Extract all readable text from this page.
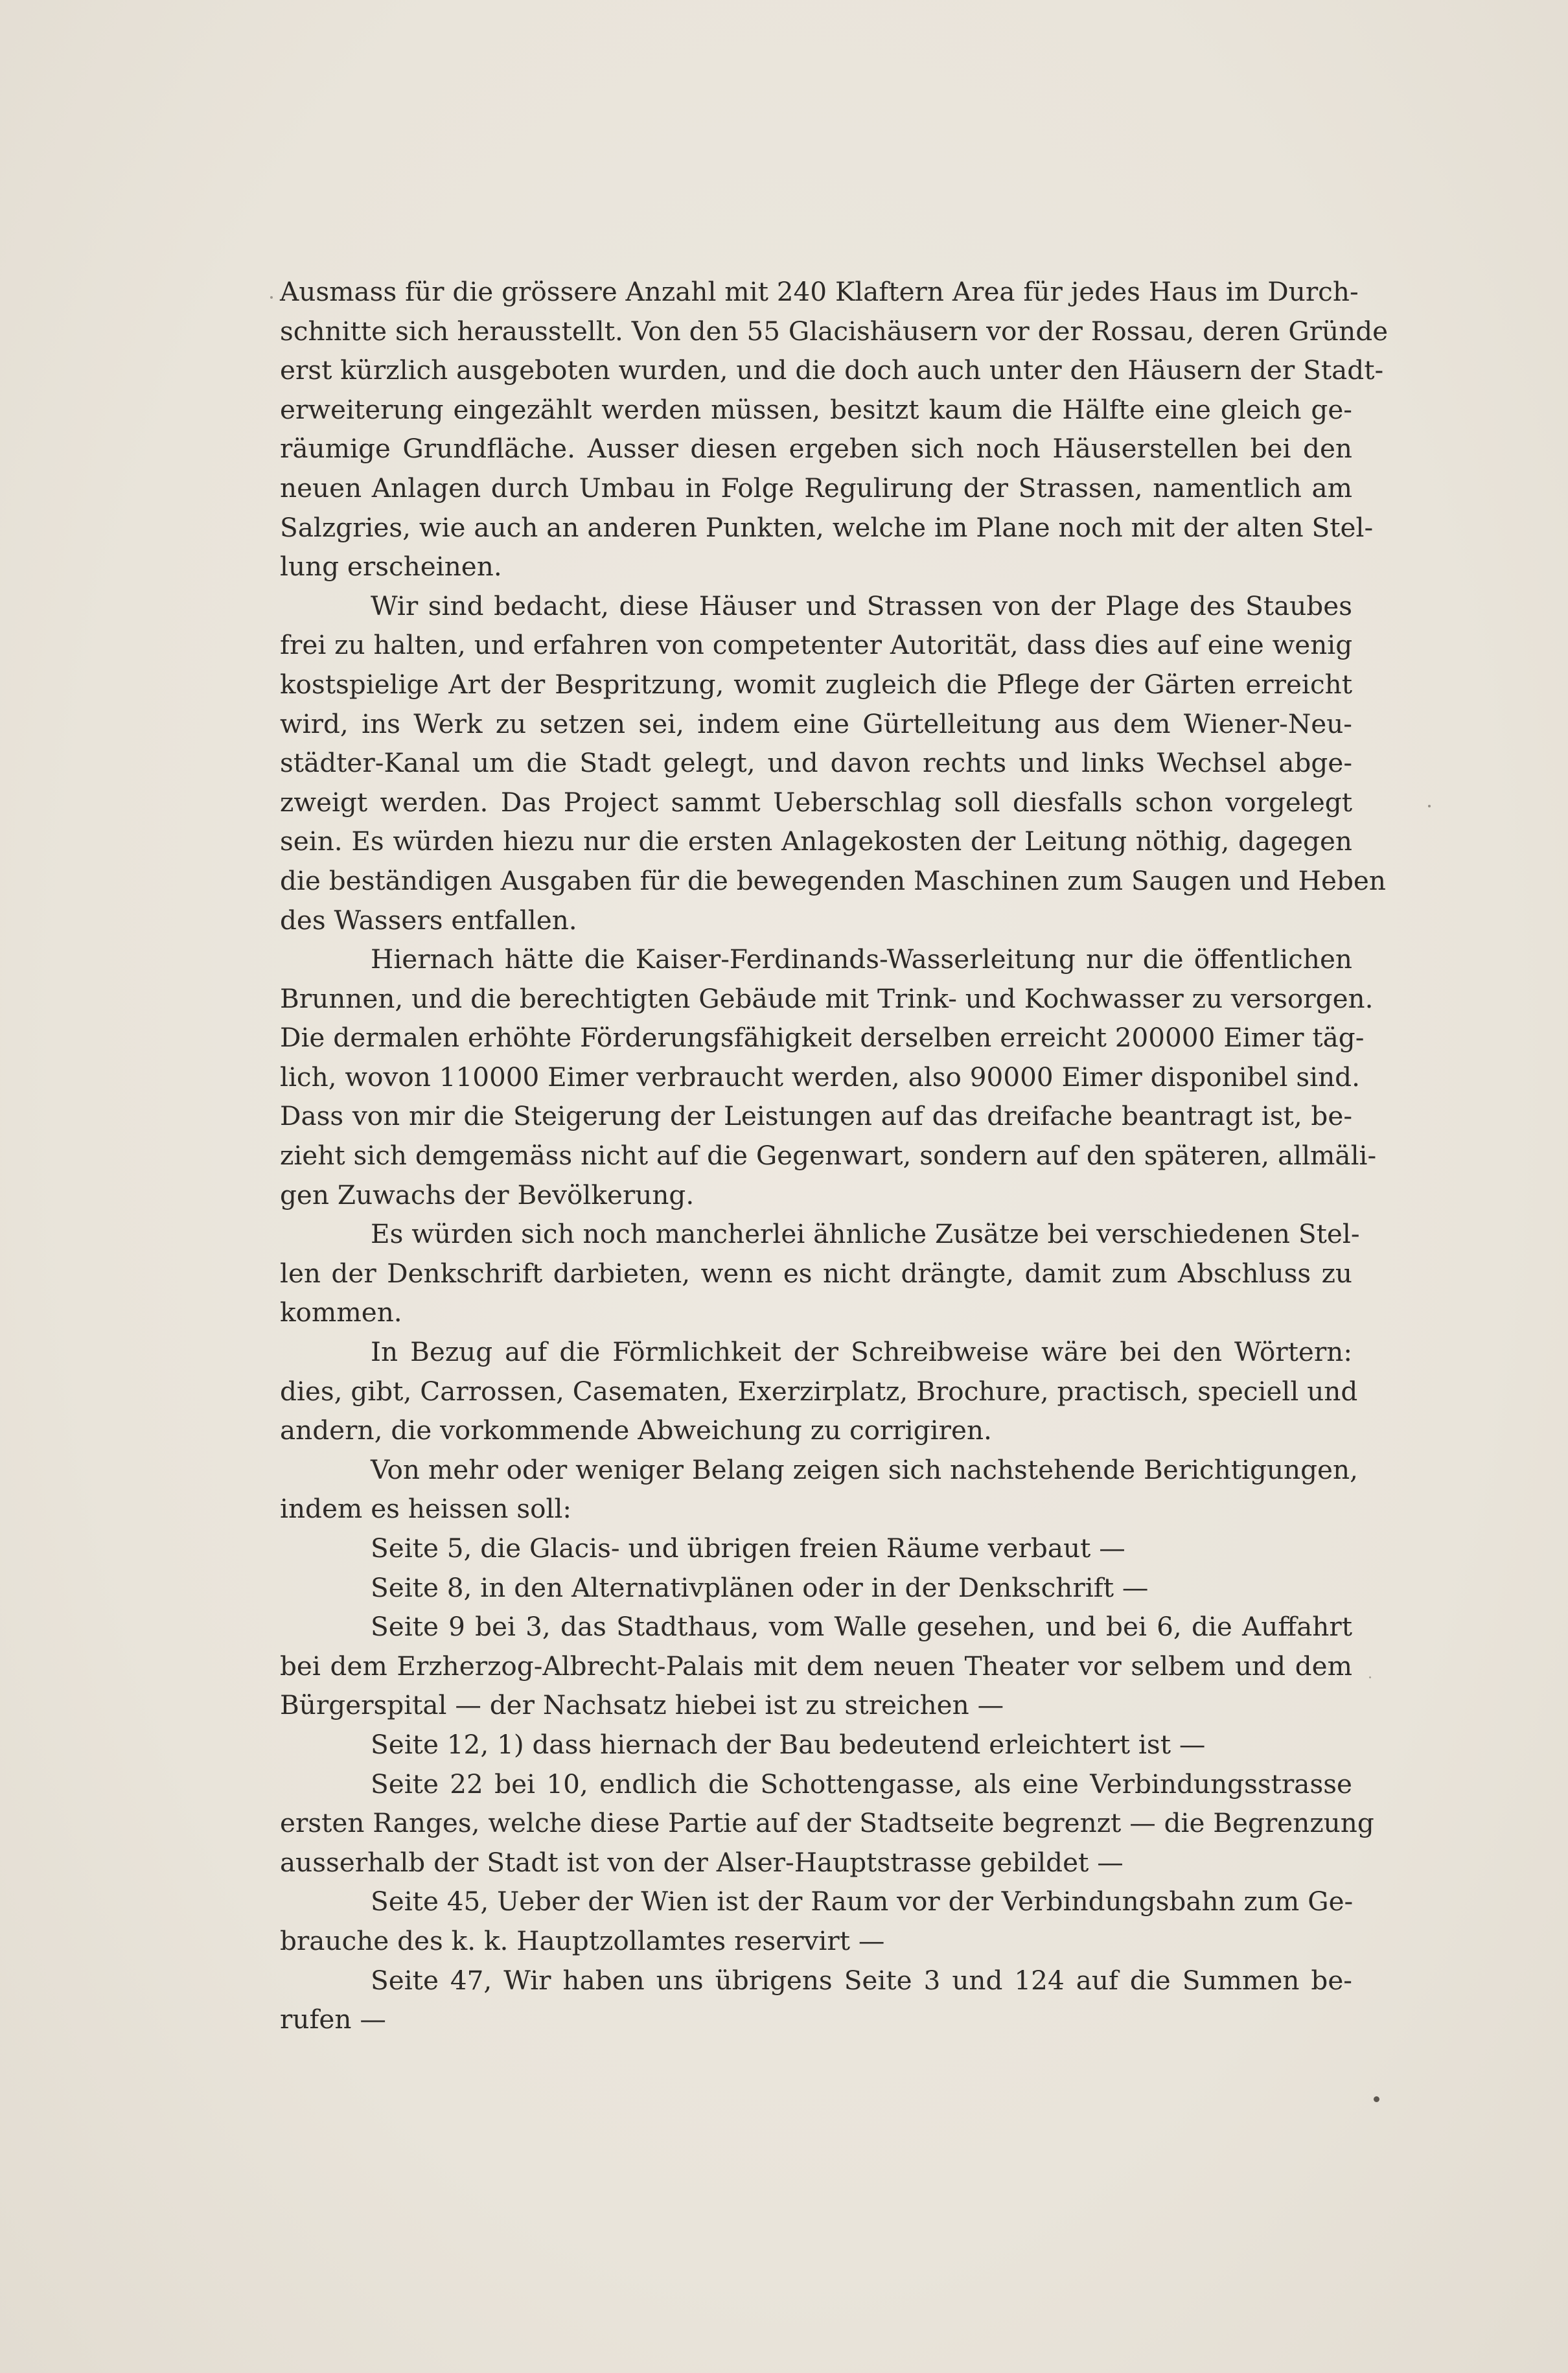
Ausmass für die grössere Anzahl mit 240 Klaftern Area für jedes Haus im Durch-
schnitte sich herausstellt. Von den 55 Glacishäusern vor der Rossau, deren Gründe
erst kürzlich ausgeboten wurden, und die doch auch unter den Häusern der Stadt-
erweiterung eingezählt werden müssen, besitzt kaum die Hälfte eine gleich ge-
räumige Grundfläche. Ausser diesen ergeben sich noch Häuserstellen bei den
neuen Anlagen durch Umbau in Folge Regulirung der Strassen, namentlich am
Salzgries, wie auch an anderen Punkten, welche im Plane noch mit der alten Stel-
lung erscheinen.
Wir sind bedacht, diese Häuser und Strassen von der Plage des Staubes
frei zu halten, und erfahren von competenter Autorität, dass dies auf eine wenig
kostspielige Art der Bespritzung, womit zugleich die Pflege der Gärten erreicht
wird, ins Werk zu setzen sei, indem eine Gürtelleitung aus dem Wiener-Neu-
städter-Kanal um die Stadt gelegt, und davon rechts und links Wechsel abge-
zweigt werden. Das Project sammt Ueberschlag soll diesfalls schon vorgelegt
sein. Es würden hiezu nur die ersten Anlagekosten der Leitung nöthig, dagegen
die beständigen Ausgaben für die bewegenden Maschinen zum Saugen und Heben
des Wassers entfallen.
Hiernach hätte die Kaiser-Ferdinands-Wasserleitung nur die öffentlichen
Brunnen, und die berechtigten Gebäude mit Trink- und Kochwasser zu versorgen.
Die dermalen erhöhte Förderungsfähigkeit derselben erreicht 200000 Eimer täg-
lich, wovon 110000 Eimer verbraucht werden, also 90000 Eimer disponibel sind.
Dass von mir die Steigerung der Leistungen auf das dreifache beantragt ist, be-
zieht sich demgemäss nicht auf die Gegenwart, sondern auf den späteren, allmäli-
gen Zuwachs der Bevölkerung.
Es würden sich noch mancherlei ähnliche Zusätze bei verschiedenen Stel-
len der Denkschrift darbieten, wenn es nicht drängte, damit zum Abschluss zu
kommen.
In Bezug auf die Förmlichkeit der Schreibweise wäre bei den Wörtern:
dies, gibt, Carrossen, Casematen, Exerzirplatz, Brochure, practisch, speciell und
andern, die vorkommende Abweichung zu corrigiren.
Von mehr oder weniger Belang zeigen sich nachstehende Berichtigungen,
indem es heissen soll:
Seite 5, die Glacis- und übrigen freien Räume verbaut —
Seite 8, in den Alternativplänen oder in der Denkschrift —
Seite 9 bei 3, das Stadthaus, vom Walle gesehen, und bei 6, die Auffahrt
bei dem Erzherzog-Albrecht-Palais mit dem neuen Theater vor selbem und dem
Bürgerspital — der Nachsatz hiebei ist zu streichen —
Seite 12, 1) dass hiernach der Bau bedeutend erleichtert ist —
Seite 22 bei 10, endlich die Schottengasse, als eine Verbindungsstrasse
ersten Ranges, welche diese Partie auf der Stadtseite begrenzt — die Begrenzung
ausserhalb der Stadt ist von der Alser-Hauptstrasse gebildet —
Seite 45, Ueber der Wien ist der Raum vor der Verbindungsbahn zum Ge-
brauche des k. k. Hauptzollamtes reservirt —
Seite 47, Wir haben uns übrigens Seite 3 und 124 auf die Summen be-
rufen —
